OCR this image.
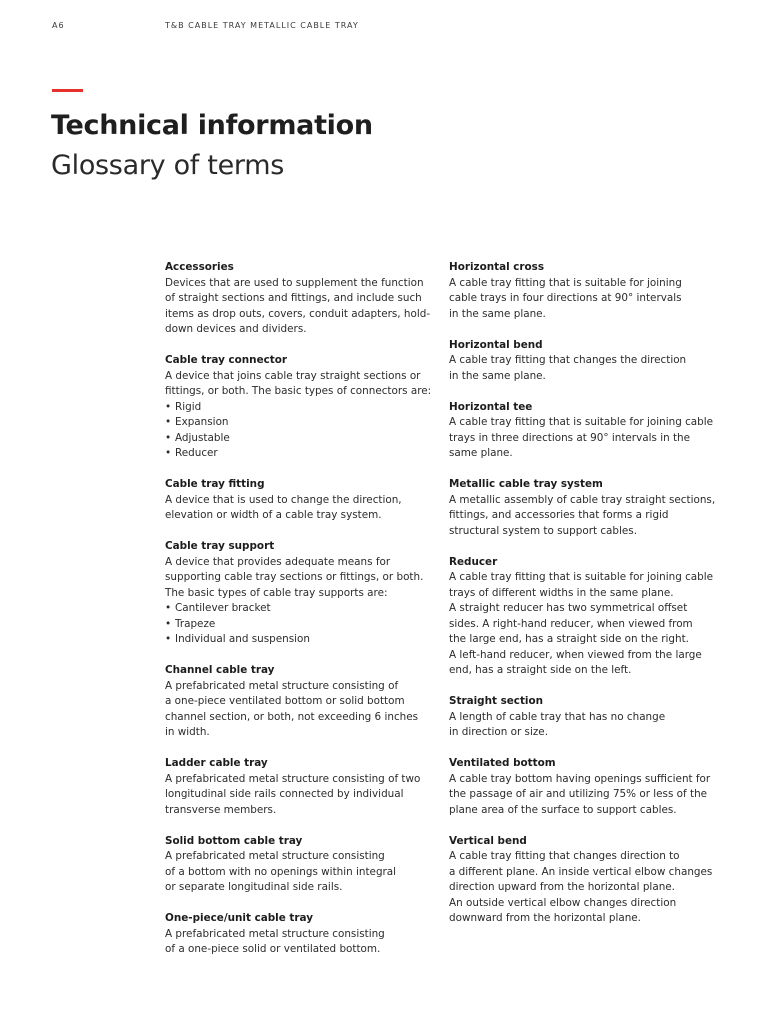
A6	T&B CABLE TRAY METALLIC CABLE TRAY
Technical information
Glossary of terms
Accessories
Devices that are used to supplement the function
of straight sections and fittings, and include such
items as drop outs, covers, conduit adapters, hold-
down devices and dividers.
Cable tray connector
A device that joins cable tray straight sections or
fittings, or both. The basic types of connectors are:
• Rigid
• Expansion
• Adjustable
• Reducer
Cable tray fitting
A device that is used to change the direction,
elevation or width of a cable tray system.
Cable tray support
A device that provides adequate means for
supporting cable tray sections or fittings, or both.
The basic types of cable tray supports are:
• Cantilever bracket
• Trapeze
• Individual and suspension
Channel cable tray
A prefabricated metal structure consisting of
a one-piece ventilated bottom or solid bottom
channel section, or both, not exceeding 6 inches
in width.
Ladder cable tray
A prefabricated metal structure consisting of two
longitudinal side rails connected by individual
transverse members.
Solid bottom cable tray
A prefabricated metal structure consisting
of a bottom with no openings within integral
or separate longitudinal side rails.
One-piece/unit cable tray
A prefabricated metal structure consisting
of a one-piece solid or ventilated bottom.
Horizontal cross
A cable tray fitting that is suitable for joining
cable trays in four directions at 90° intervals
in the same plane.
Horizontal bend
A cable tray fitting that changes the direction
in the same plane.
Horizontal tee
A cable tray fitting that is suitable for joining cable
trays in three directions at 90° intervals in the
same plane.
Metallic cable tray system
A metallic assembly of cable tray straight sections,
fittings, and accessories that forms a rigid
structural system to support cables.
Reducer
A cable tray fitting that is suitable for joining cable
trays of different widths in the same plane.
A straight reducer has two symmetrical offset
sides. A right-hand reducer, when viewed from
the large end, has a straight side on the right.
A left-hand reducer, when viewed from the large
end, has a straight side on the left.
Straight section
A length of cable tray that has no change
in direction or size.
Ventilated bottom
A cable tray bottom having openings sufficient for
the passage of air and utilizing 75% or less of the
plane area of the surface to support cables.
Vertical bend
A cable tray fitting that changes direction to
a different plane. An inside vertical elbow changes
direction upward from the horizontal plane.
An outside vertical elbow changes direction
downward from the horizontal plane.
